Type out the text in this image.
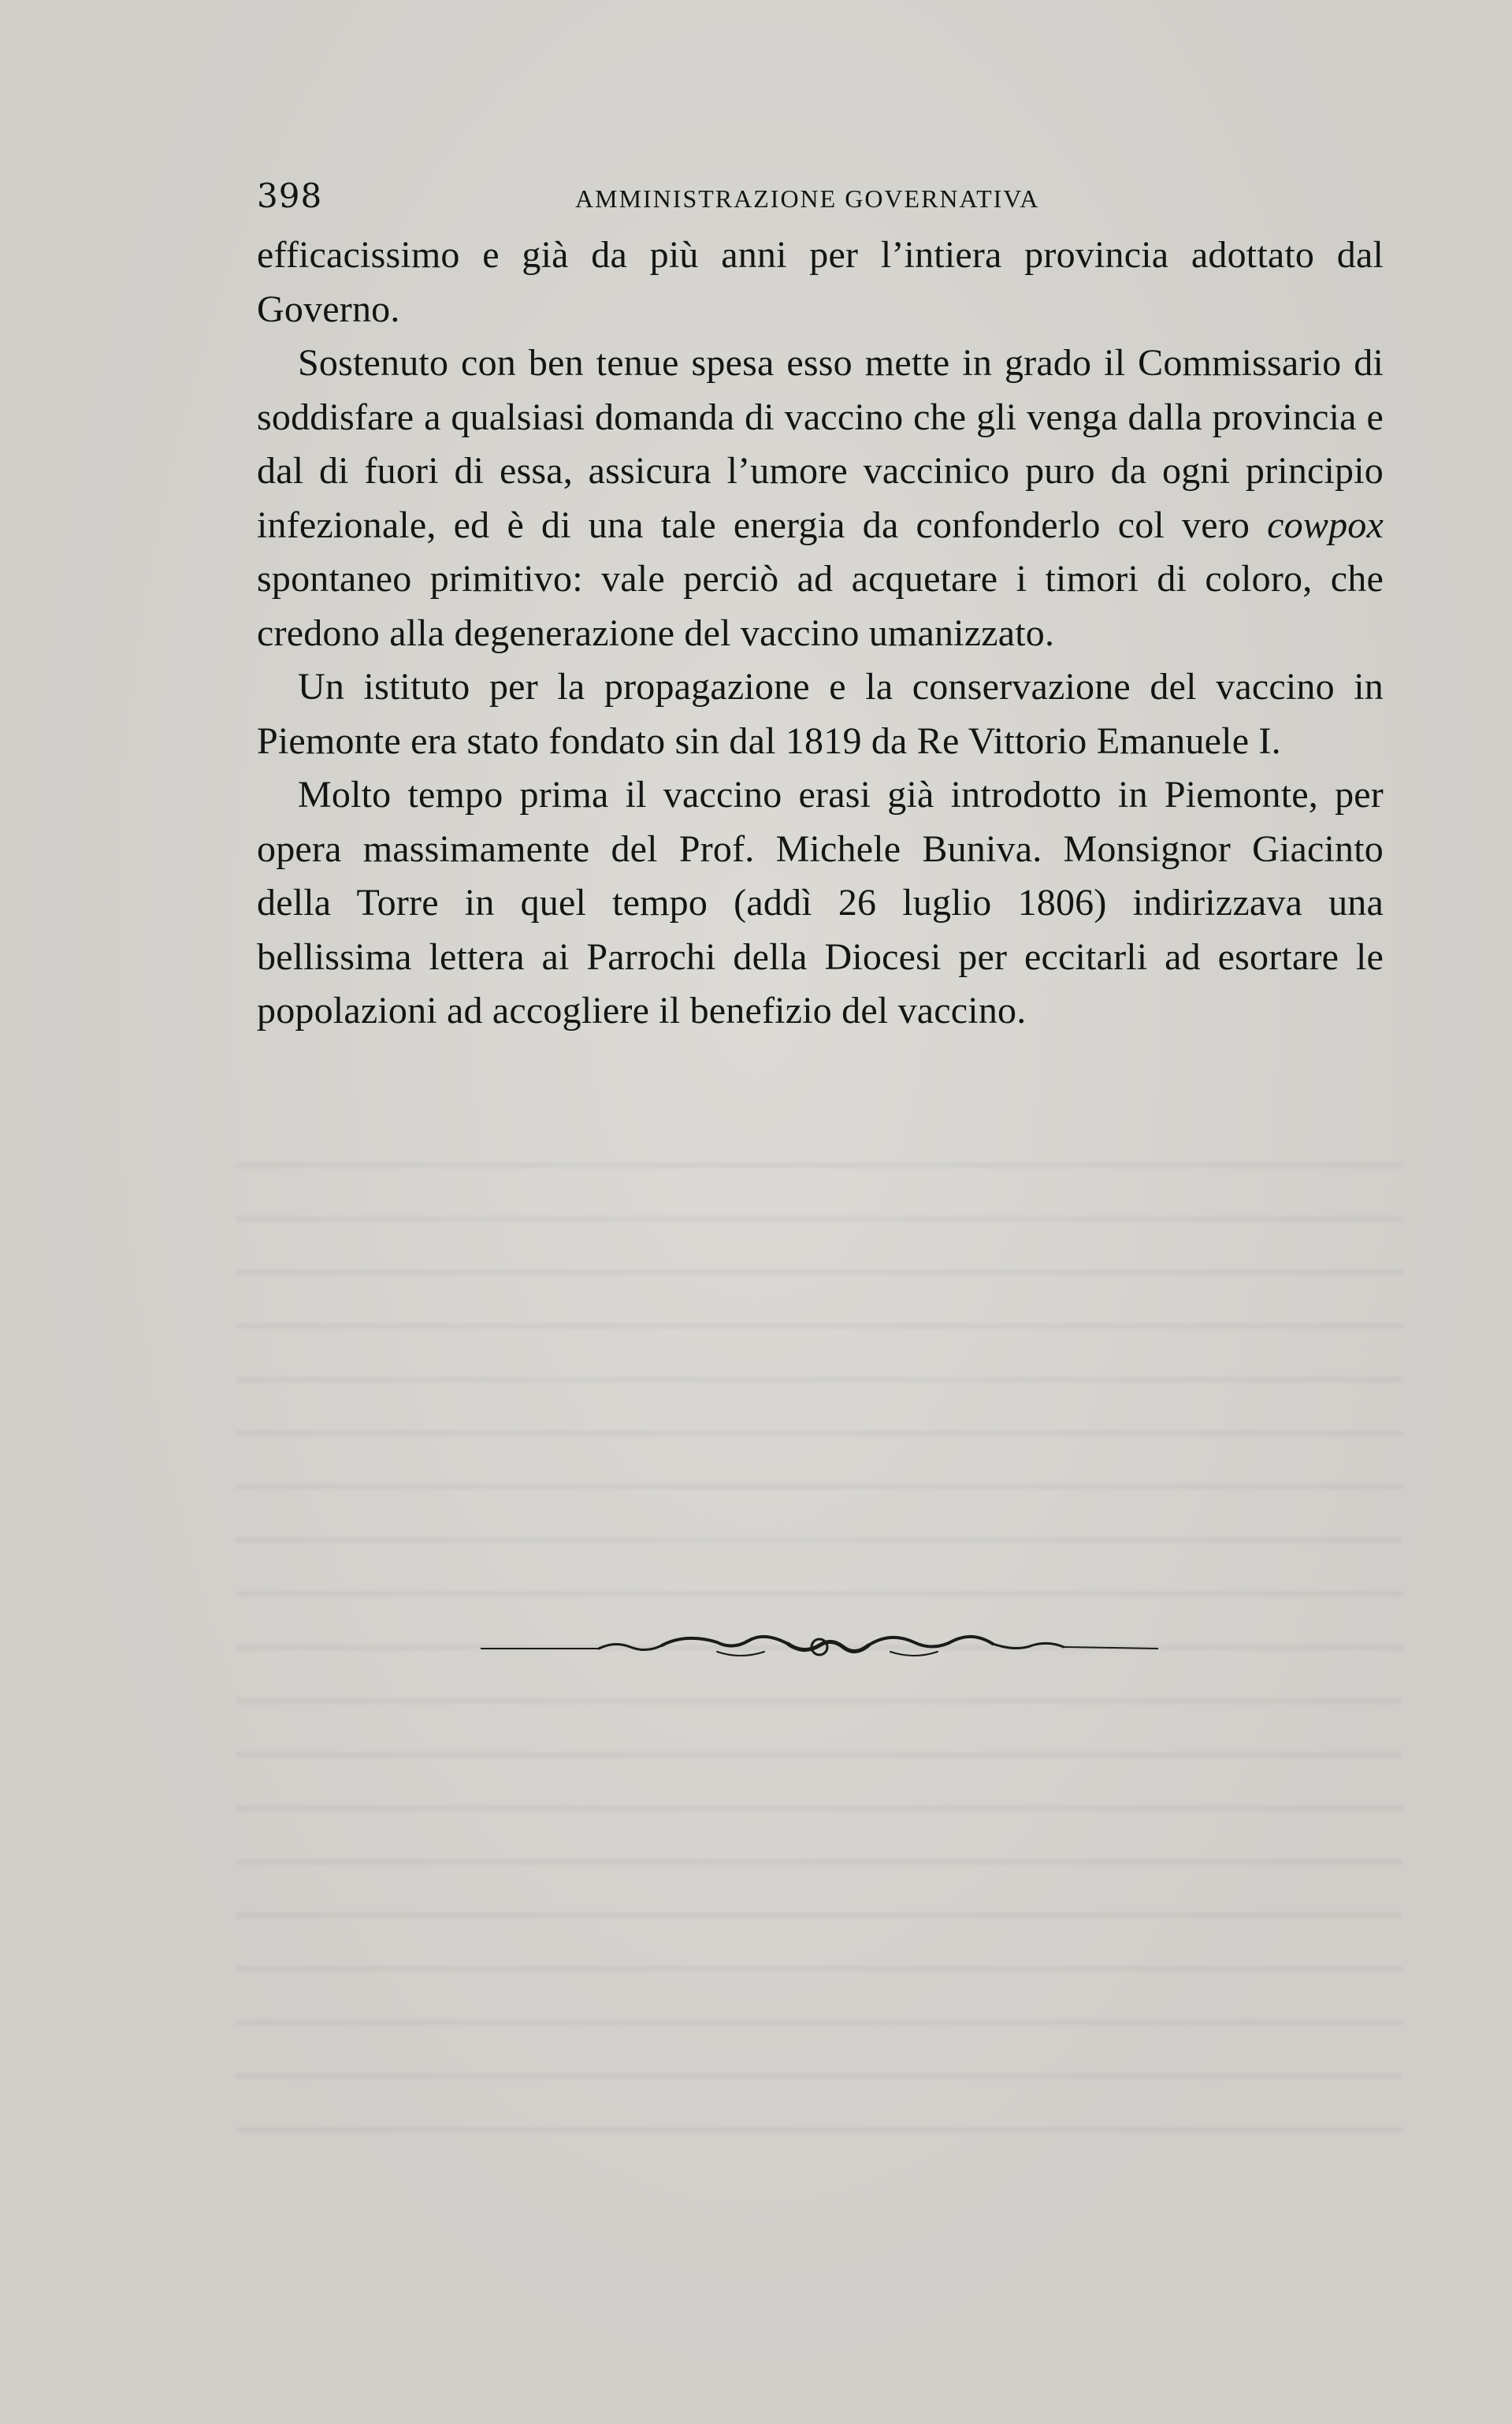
398	AMMINISTRAZIONE GOVERNATIVA

efficacissimo e già da più anni per l’intiera provincia adottato dal Governo.

Sostenuto con ben tenue spesa esso mette in grado il Commissario di soddisfare a qualsiasi domanda di vaccino che gli venga dalla provincia e dal di fuori di essa, assicura l’umore vaccinico puro da ogni principio infezionale, ed è di una tale energia da confonderlo col vero cowpox spontaneo primitivo: vale perciò ad acquetare i timori di coloro, che credono alla degenerazione del vaccino umanizzato.

Un istituto per la propagazione e la conservazione del vaccino in Piemonte era stato fondato sin dal 1819 da Re Vittorio Emanuele I.

Molto tempo prima il vaccino erasi già introdotto in Piemonte, per opera massimamente del Prof. Michele Buniva. Monsignor Giacinto della Torre in quel tempo (addì 26 luglio 1806) indirizzava una bellissima lettera ai Parrochi della Diocesi per eccitarli ad esortare le popolazioni ad accogliere il benefizio del vaccino.
